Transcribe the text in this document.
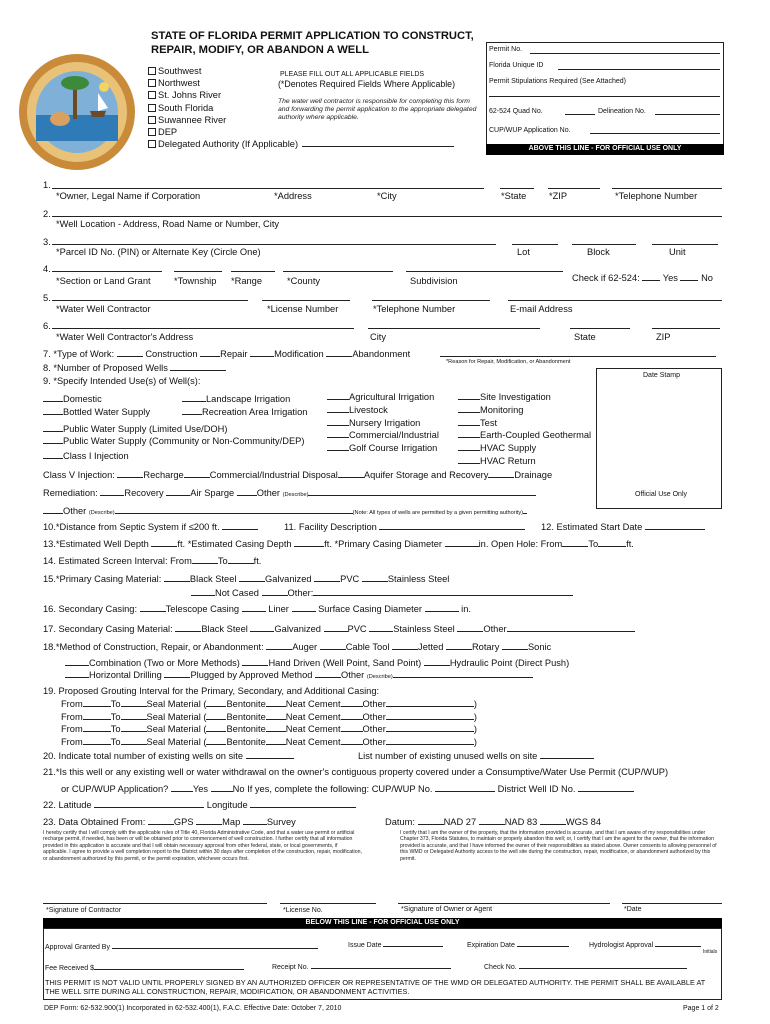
STATE OF FLORIDA PERMIT APPLICATION TO CONSTRUCT,
REPAIR, MODIFY, OR ABANDON A WELL
Southwest
Northwest
St. Johns River
South Florida
Suwannee River
DEP
Delegated Authority (If Applicable)
PLEASE FILL OUT ALL APPLICABLE FIELDS
(*Denotes Required Fields Where Applicable)
The water well contractor is responsible for completing this form and forwarding the permit application to the appropriate delegated authority where applicable.
Permit No.
Florida Unique ID
Permit Stipulations Required (See Attached)
62-524 Quad No.	Delineation No.
CUP/WUP Application No.
ABOVE THIS LINE - FOR OFFICIAL USE ONLY
1.
*Owner, Legal Name if Corporation	*Address	*City	*State *ZIP	*Telephone Number
2.
*Well Location - Address, Road Name or Number, City
3.
*Parcel ID No. (PIN) or Alternate Key (Circle One)	Lot	Block	Unit
4.
*Section or Land Grant	*Township *Range	*County	Subdivision	Check if 62-524: Yes No
5.
*Water Well Contractor	*License Number	*Telephone Number	E-mail Address
6.
*Water Well Contractor's Address	City	State	ZIP
7. *Type of Work:	Construction Repair	Modification	Abandonment
*Reason for Repair, Modification, or Abandonment
8. *Number of Proposed Wells
9. *Specify Intended Use(s) of Well(s):
Date Stamp
Official Use Only
Domestic
Bottled Water Supply
Public Water Supply (Limited Use/DOH)
Public Water Supply (Community or Non-Community/DEP)
Class I Injection
Landscape Irrigation
Recreation Area Irrigation
Agricultural Irrigation
Livestock
Nursery Irrigation
Commercial/Industrial
Golf Course Irrigation
Site Investigation
Monitoring
Test
Earth-Coupled Geothermal
HVAC Supply
HVAC Return
Class V Injection:	Recharge	Commercial/Industrial Disposal	Aquifer Storage and Recovery	Drainage
Remediation:	Recovery	Air Sparge Other (Describe)
Other (Describe)	(Note: All types of wells are permitted by a given permitting authority)
10.*Distance from Septic System if ≤200 ft.	11. Facility Description	12. Estimated Start Date
13.*Estimated Well Depth	ft. *Estimated Casing Depth	ft. *Primary Casing Diameter	in. Open Hole: From	To	ft.
14. Estimated Screen Interval: From	To	ft.
15.*Primary Casing Material:	Black Steel	Galvanized	PVC	Stainless Steel
Not Cased	Other:
16. Secondary Casing:	Telescope Casing	Liner	Surface Casing Diameter	in.
17. Secondary Casing Material:	Black Steel	Galvanized	PVC	Stainless Steel	Other
18.*Method of Construction, Repair, or Abandonment:	Auger	Cable Tool	Jetted	Rotary	Sonic
Combination (Two or More Methods)	Hand Driven (Well Point, Sand Point)	Hydraulic Point (Direct Push)
Horizontal Drilling	Plugged by Approved Method	Other (Describe)
19. Proposed Grouting Interval for the Primary, Secondary, and Additional Casing:
From	To	Seal Material ( Bentonite Neat Cement Other	)
From	To	Seal Material ( Bentonite Neat Cement Other	)
From	To	Seal Material ( Bentonite Neat Cement Other	)
From	To	Seal Material ( Bentonite Neat Cement Other	)
20. Indicate total number of existing wells on site	List number of existing unused wells on site
21.*Is this well or any existing well or water withdrawal on the owner's contiguous property covered under a Consumptive/Water Use Permit (CUP/WUP)
or CUP/WUP Application?	Yes	No If yes, complete the following: CUP/WUP No.	District Well ID No.
22. Latitude	Longitude
23. Data Obtained From:	GPS	Map	Survey	Datum:	NAD 27	NAD 83	WGS 84
I hereby certify that I will comply with the applicable rules of Title 40, Florida Administrative Code, and that a water use permit or artificial recharge permit, if needed, has been or will be obtained prior to commencement of well construction. I further certify that all information provided in this application is accurate and that I will obtain necessary approval from other federal, state, or local governments, if applicable. I agree to provide a well completion report to the District within 30 days after completion of the construction, repair, modification, or abandonment authorized by this permit, or the permit expiration, whichever occurs first.
I certify that I am the owner of the property, that the information provided is accurate, and that I am aware of my responsibilities under Chapter 373, Florida Statutes, to maintain or properly abandon this well; or, I certify that I am the agent for the owner, that the information provided is accurate, and that I have informed the owner of their responsibilities as stated above. Owner consents to allowing personnel of this WMD or Delegated Authority access to the well site during the construction, repair, modification, or abandonment authorized by this permit.
*Signature of Contractor	*License No.	*Signature of Owner or Agent	*Date
BELOW THIS LINE - FOR OFFICIAL USE ONLY
Approval Granted By	Issue Date	Expiration Date	Hydrologist Approval
Initials
Fee Received $	Receipt No.	Check No.
THIS PERMIT IS NOT VALID UNTIL PROPERLY SIGNED BY AN AUTHORIZED OFFICER OR REPRESENTATIVE OF THE WMD OR DELEGATED AUTHORITY. THE PERMIT SHALL BE AVAILABLE AT THE WELL SITE DURING ALL CONSTRUCTION, REPAIR, MODIFICATION, OR ABANDONMENT ACTIVITIES.
DEP Form: 62-532.900(1) Incorporated in 62-532.400(1), F.A.C. Effective Date: October 7, 2010	Page 1 of 2
